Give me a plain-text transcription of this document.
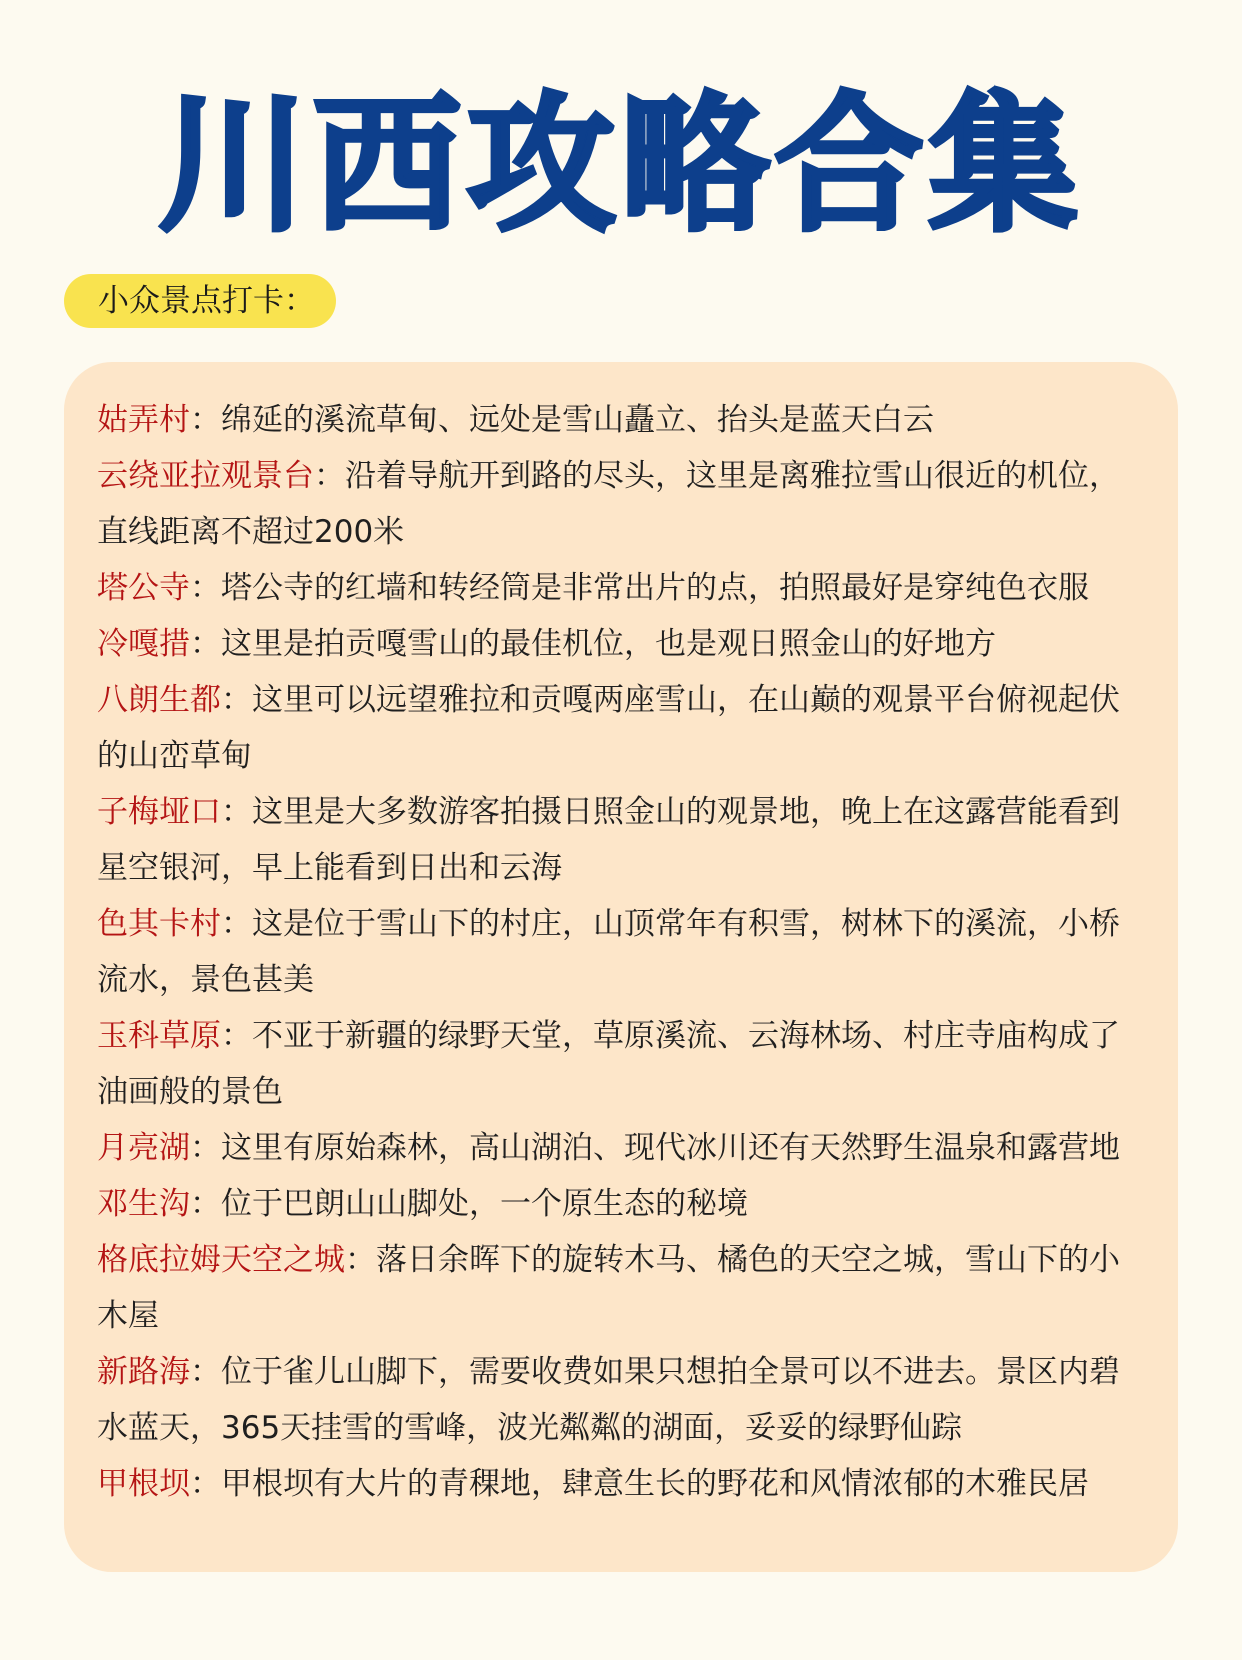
川西攻略合集
小众景点打卡：

姑弄村：绵延的溪流草甸、远处是雪山矗立、抬头是蓝天白云

云绕亚拉观景台：沿着导航开到路的尽头，这里是离雅拉雪山很近的机位，直线距离不超过200米

塔公寺：塔公寺的红墙和转经筒是非常出片的点，拍照最好是穿纯色衣服

冷嘎措：这里是拍贡嘎雪山的最佳机位，也是观日照金山的好地方

八朗生都：这里可以远望雅拉和贡嘎两座雪山，在山巅的观景平台俯视起伏的山峦草甸

子梅垭口：这里是大多数游客拍摄日照金山的观景地，晚上在这露营能看到星空银河，早上能看到日出和云海

色其卡村：这是位于雪山下的村庄，山顶常年有积雪，树林下的溪流，小桥流水，景色甚美

玉科草原：不亚于新疆的绿野天堂，草原溪流、云海林场、村庄寺庙构成了油画般的景色

月亮湖：这里有原始森林，高山湖泊、现代冰川还有天然野生温泉和露营地

邓生沟：位于巴朗山山脚处，一个原生态的秘境

格底拉姆天空之城：落日余晖下的旋转木马、橘色的天空之城，雪山下的小木屋

新路海：位于雀儿山脚下，需要收费如果只想拍全景可以不进去。景区内碧水蓝天，365天挂雪的雪峰，波光粼粼的湖面，妥妥的绿野仙踪

甲根坝：甲根坝有大片的青稞地，肆意生长的野花和风情浓郁的木雅民居
